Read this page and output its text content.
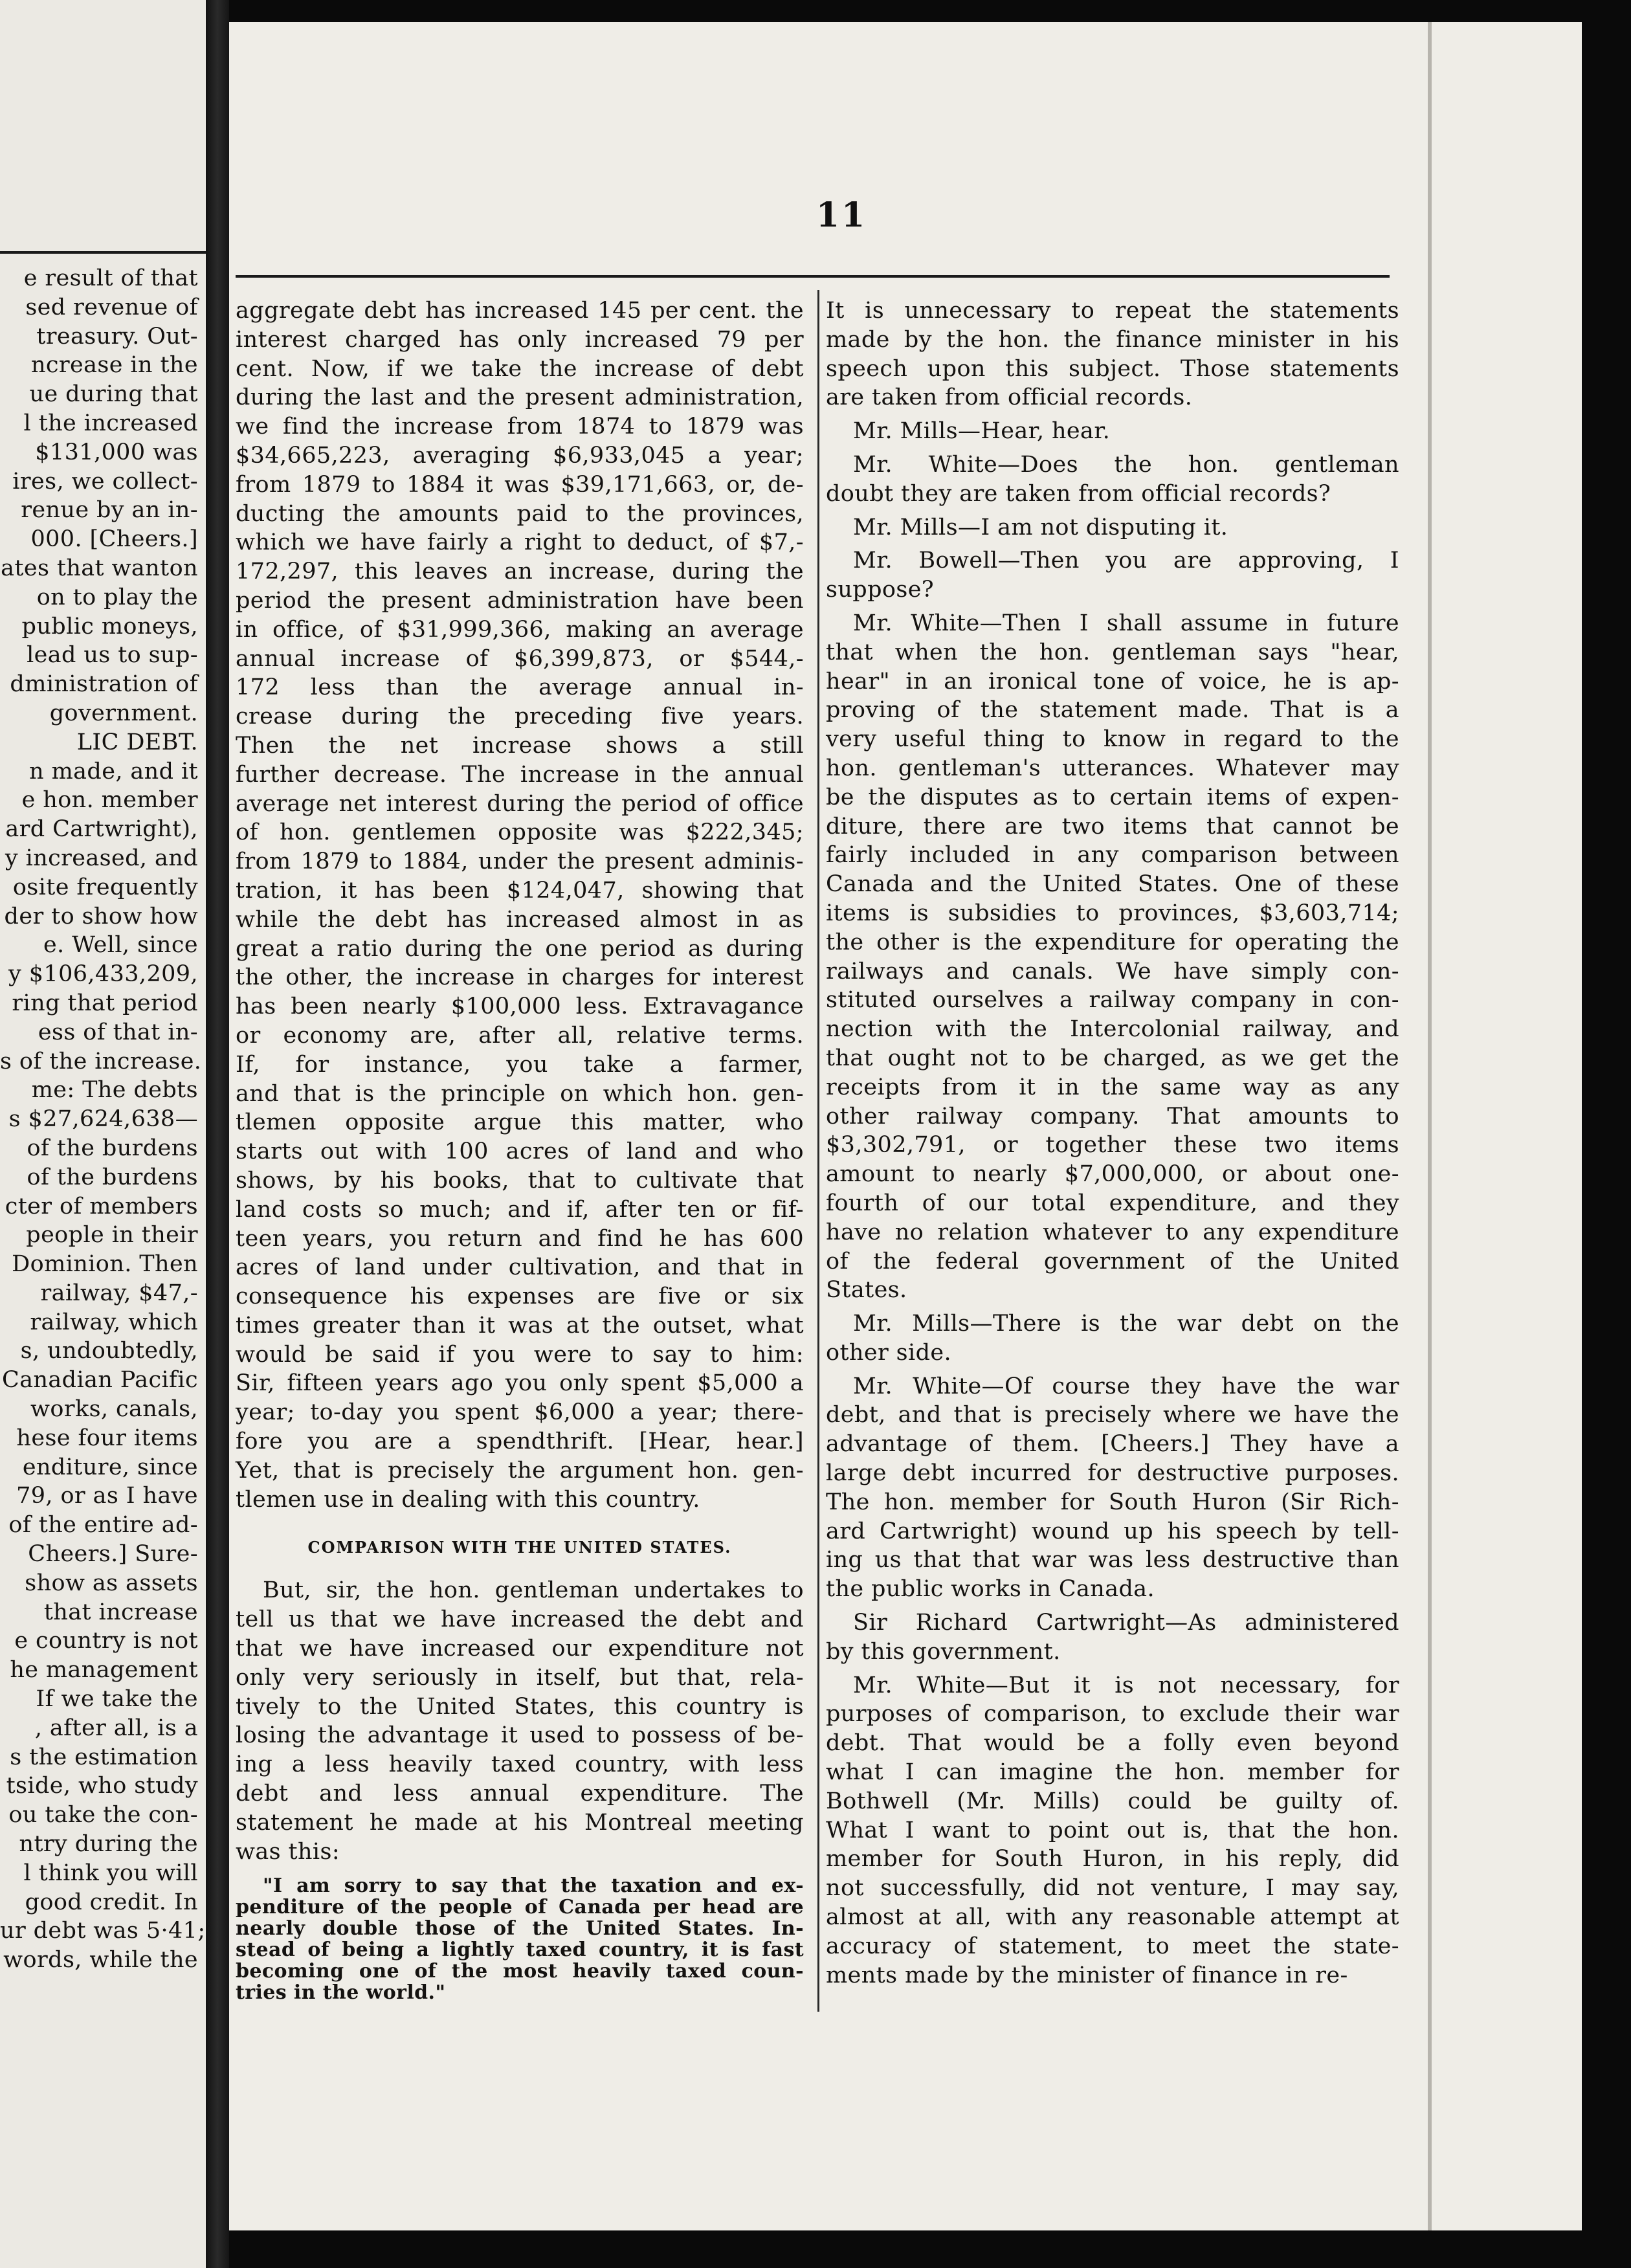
11
e result of that
sed revenue of
treasury. Out-
ncrease in the
ue during that
l the increased
$131,000 was
ires, we collect-
renue by an in-
000. [Cheers.]
ates that wanton
on to play the
public moneys,
lead us to sup-
dministration of
government.
LIC DEBT.
n made, and it
e hon. member
ard Cartwright),
y increased, and
osite frequently
der to show how
e. Well, since
y $106,433,209,
ring that period
ess of that in-
s of the increase.
me: The debts
s $27,624,638—
of the burdens
of the burdens
cter of members
people in their
Dominion. Then
railway, $47,-
railway, which
s, undoubtedly,
Canadian Pacific
works, canals,
hese four items
enditure, since
79, or as I have
of the entire ad-
Cheers.] Sure-
show as assets
that increase
e country is not
he management
If we take the
, after all, is a
s the estimation
tside, who study
ou take the con-
ntry during the
l think you will
good credit. In
ur debt was 5·41;
words, while the
aggregate debt has increased 145 per cent. the
interest charged has only increased 79 per
cent. Now, if we take the increase of debt
during the last and the present administration,
we find the increase from 1874 to 1879 was
$34,665,223, averaging $6,933,045 a year;
from 1879 to 1884 it was $39,171,663, or, de-
ducting the amounts paid to the provinces,
which we have fairly a right to deduct, of $7,-
172,297, this leaves an increase, during the
period the present administration have been
in office, of $31,999,366, making an average
annual increase of $6,399,873, or $544,-
172 less than the average annual in-
crease during the preceding five years.
Then the net increase shows a still
further decrease. The increase in the annual
average net interest during the period of office
of hon. gentlemen opposite was $222,345;
from 1879 to 1884, under the present adminis-
tration, it has been $124,047, showing that
while the debt has increased almost in as
great a ratio during the one period as during
the other, the increase in charges for interest
has been nearly $100,000 less. Extravagance
or economy are, after all, relative terms.
If, for instance, you take a farmer,
and that is the principle on which hon. gen-
tlemen opposite argue this matter, who
starts out with 100 acres of land and who
shows, by his books, that to cultivate that
land costs so much; and if, after ten or fif-
teen years, you return and find he has 600
acres of land under cultivation, and that in
consequence his expenses are five or six
times greater than it was at the outset, what
would be said if you were to say to him:
Sir, fifteen years ago you only spent $5,000 a
year; to-day you spent $6,000 a year; there-
fore you are a spendthrift. [Hear, hear.]
Yet, that is precisely the argument hon. gen-
tlemen use in dealing with this country.
COMPARISON WITH THE UNITED STATES.
But, sir, the hon. gentleman undertakes to
tell us that we have increased the debt and
that we have increased our expenditure not
only very seriously in itself, but that, rela-
tively to the United States, this country is
losing the advantage it used to possess of be-
ing a less heavily taxed country, with less
debt and less annual expenditure. The
statement he made at his Montreal meeting
was this:
"I am sorry to say that the taxation and ex-
penditure of the people of Canada per head are
nearly double those of the United States. In-
stead of being a lightly taxed country, it is fast
becoming one of the most heavily taxed coun-
tries in the world."
It is unnecessary to repeat the statements
made by the hon. the finance minister in his
speech upon this subject. Those statements
are taken from official records.
Mr. Mills—Hear, hear.
Mr. White—Does the hon. gentleman
doubt they are taken from official records?
Mr. Mills—I am not disputing it.
Mr. Bowell—Then you are approving, I
suppose?
Mr. White—Then I shall assume in future
that when the hon. gentleman says "hear,
hear" in an ironical tone of voice, he is ap-
proving of the statement made. That is a
very useful thing to know in regard to the
hon. gentleman's utterances. Whatever may
be the disputes as to certain items of expen-
diture, there are two items that cannot be
fairly included in any comparison between
Canada and the United States. One of these
items is subsidies to provinces, $3,603,714;
the other is the expenditure for operating the
railways and canals. We have simply con-
stituted ourselves a railway company in con-
nection with the Intercolonial railway, and
that ought not to be charged, as we get the
receipts from it in the same way as any
other railway company. That amounts to
$3,302,791, or together these two items
amount to nearly $7,000,000, or about one-
fourth of our total expenditure, and they
have no relation whatever to any expenditure
of the federal government of the United
States.
Mr. Mills—There is the war debt on the
other side.
Mr. White—Of course they have the war
debt, and that is precisely where we have the
advantage of them. [Cheers.] They have a
large debt incurred for destructive purposes.
The hon. member for South Huron (Sir Rich-
ard Cartwright) wound up his speech by tell-
ing us that that war was less destructive than
the public works in Canada.
Sir Richard Cartwright—As administered
by this government.
Mr. White—But it is not necessary, for
purposes of comparison, to exclude their war
debt. That would be a folly even beyond
what I can imagine the hon. member for
Bothwell (Mr. Mills) could be guilty of.
What I want to point out is, that the hon.
member for South Huron, in his reply, did
not successfully, did not venture, I may say,
almost at all, with any reasonable attempt at
accuracy of statement, to meet the state-
ments made by the minister of finance in re-
